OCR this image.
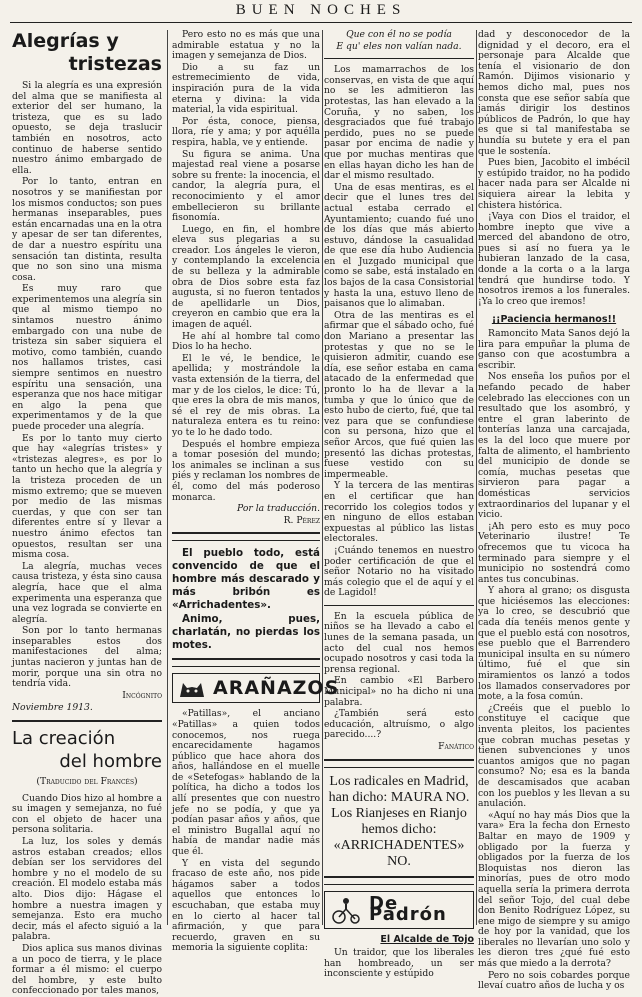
BUEN NOCHES

Alegrías y

tristezas

Si la alegría es una expresión del alma que se manifiesta al exterior del ser humano, la tristeza, que es su lado opuesto, se deja traslucir también en nosotros, acto continuo de haberse sentido nuestro ánimo embargado de ella.

Por lo tanto, entran en nosotros y se manifiestan por los mismos conductos; son pues hermanas inseparables, pues están encarnadas una en la otra y apesar de ser tan diferentes, de dar a nuestro espíritu una sensación tan distinta, resulta que no son sino una misma cosa.

Es muy raro que experimentemos una alegría sin que al mismo tiempo no sintamos nuestro ánimo embargado con una nube de tristeza sin saber siquiera el motivo, como también, cuando nos hallamos tristes, casi siempre sentimos en nuestro espíritu una sensación, una esperanza que nos hace mitigar en algo la pena que experimentamos y de la que puede proceder una alegría.

Es por lo tanto muy cierto que hay «alegrías tristes» y «tristezas alegres», es por lo tanto un hecho que la alegría y la tristeza proceden de un mismo extremo; que se mueven por medio de las mismas cuerdas, y que con ser tan diferentes entre sí y llevar a nuestro ánimo efectos tan opuestos, resultan ser una misma cosa.

La alegría, muchas veces causa tristeza, y ésta sino causa alegría, hace que el alma experimenta una esperanza que una vez lograda se convierte en alegría.

Son por lo tanto hermanas inseparables estos dos manifestaciones del alma; juntas nacieron y juntas han de morir, porque una sin otra no tendría vida.

Incógnito

Noviembre 1913.

La creación

del hombre

(Traducido del Francés)

Cuando Dios hizo al hombre a su imagen y semejanza, no fué con el objeto de hacer una persona solitaria.

La luz, los soles y demás astros estaban creados; ellos debían ser los servidores del hombre y no el modelo de su creación. El modelo estaba más alto. Dios dijo: Hágase el hombre a nuestra imagen y semejanza. Esto era mucho decir, más el afecto siguió a la palabra.

Dios aplica sus manos divinas a un poco de tierra, y le place formar a él mismo: el cuerpo del hombre, y este bulto confeccionado por tales manos,

Pero esto no es más que una admirable estatua y no la imagen y semejanza de Dios.

Dio a su faz un estremecimiento de vida, inspiración pura de la vida eterna y divina: la vida material, la vida espiritual.

Por ésta, conoce, piensa, llora, ríe y ama; y por aquélla respira, habla, ve y entiende.

Su figura se anima. Una majestad real viene a posarse sobre su frente: la inocencia, el candor, la alegría pura, el reconocimiento y el amor embellecieron su brillante fisonomía.

Luego, en fin, el hombre eleva sus plegarias a su creador. Los ángeles le vieron, y contemplando la excelencia de su belleza y la admirable obra de Dios sobre esta faz augusta, si no fueron tentados de apellidarle un Dios, creyeron en cambio que era la imagen de aquél.

He ahí al hombre tal como Dios lo ha hecho.

El le vé, le bendice, le apellida; y mostrándole la vasta extensión de la tierra, del mar y de los cielos, le dice: Tú, que eres la obra de mis manos, sé el rey de mis obras. La naturaleza entera es tu reino: yo te lo he dado todo.

Después el hombre empieza a tomar posesión del mundo; los animales se inclinan a sus piés y reclaman los nombres de él, como del más poderoso monarca.

Por la traducción.

R. Pérez

El pueblo todo, está convencido de que el hombre más descarado y más bribón es «Arrichadentes».

Animo, pues, charlatán, no pierdas los motes.

ARAÑAZOS

«Patillas», el anciano «Patillas» a quien todos conocemos, nos ruega encarecidamente hagamos público que hace ahora dos años, hallándose en el muelle de «Setefogas» hablando de la política, ha dicho a todos los allí presentes que con nuestro jefe no se podía, y que ya podían pasar años y años, que el ministro Bugallal aquí no había de mandar nadie más que él.

Y en vista del segundo fracaso de este año, nos pide hágamos saber a todos aquellos que entonces lo escuchaban, que estaba muy en lo cierto al hacer tal afirmación, y que para recuerdo, graven en su memoria la siguiente coplita:

Que con él no se podía

E qu' eles non valían nada.

Los mamarrachos de los conservas, en vista de que aquí no se les admitieron las protestas, las han elevado a la Coruña, y no saben, los desgraciados que fué trabajo perdido, pues no se puede pasar por encima de nadie y que por muchas mentiras que en ellas hayan dicho les han de dar el mismo resultado.

Una de esas mentiras, es el decir que el lunes tres del actual estaba cerrado el Ayuntamiento; cuando fué uno de los días que más abierto estuvo, dándose la casualidad de que ese día hubo Audiencia en el Juzgado municipal que como se sabe, está instalado en los bajos de la casa Consistorial y hasta la una, estuvo lleno de paisanos que lo alimaban.

Otra de las mentiras es el afirmar que el sábado ocho, fué don Mariano a presentar las protestas y que no se le quisieron admitir, cuando ese día, ese señor estaba en cama atacado de la enfermedad que pronto lo ha de llevar a la tumba y que lo único que de esto hubo de cierto, fué, que tal vez para que se confundiese con su persona, hizo que el señor Arcos, que fué quien las presentó las dichas protestas, fuese vestido con su impermeable.

Y la tercera de las mentiras en el certificar que han recorrido los colegios todos y en ninguno de ellos estaban expuestas al público las listas electorales.

¡Cuándo tenemos en nuestro poder certificación de que el señor Notario no ha visitado más colegio que el de aquí y el de Lagidol!

En la escuela pública de niños se ha llevado a cabo el lunes de la semana pasada, un acto del cual nos hemos ocupado nosotros y casi toda la prensa regional.

En cambio «El Barbero Municipal» no ha dicho ni una palabra.

¿También será esto educación, altruísmo, o algo parecido....?

Fanático

Los radicales en Madrid, han dicho: MAURA NO. Los Rianjeses en Rianjo hemos dicho: «ARRICHADENTES» NO.

De Padrón

El Alcalde de Tojo

Un traidor, que los liberales han hombreado, un ser inconsciente y estúpido

dad y desconocedor de la dignidad y el decoro, era el personaje para Alcalde que tenía el visionario de don Ramón. Dijimos visionario y hemos dicho mal, pues nos consta que ese señor sabía que jamás dirigir los destinos públicos de Padrón, lo que hay es que si tal manifestaba se hundía su butete y era el pan que le sostenía.

Pues bien, Jacobito el imbécil y estúpido traidor, no ha podido hacer nada para ser Alcalde ni siquiera airear la lebita y chistera histórica.

¡Vaya con Dios el traidor, el hombre inepto que vive a merced del abandono de otro, pues si así no fuera ya le hubieran lanzado de la casa, donde a la corta o a la larga tendrá que hundirse todo. Y nosotros iremos a los funerales. ¡Ya lo creo que iremos!

¡¡Paciencia hermanos!!

Ramoncito Mata Sanos dejó la lira para empuñar la pluma de ganso con que acostumbra a escribir.

Nos enseña los puños por el nefando pecado de haber celebrado las elecciones con un resultado que los asombró, y entre el gran laberinto de tonterías lanza una carcajada, es la del loco que muere por falta de alimento, el hambriento del municipio de donde se comía, muchas pesetas que sirvieron para pagar a domésticas servicios extraordinarios del lupanar y el vicio.

¡Ah pero esto es muy poco Veterinario ilustre! Te ofrecemos que tu vicoca ha terminado para siempre y el municipio no sostendrá como antes tus concubinas.

Y ahora al grano; os disgusta que hiciésemos las elecciones: ya lo creo, se descubrió que cada día tenéis menos gente y que el pueblo está con nosotros, ese pueblo que el Barrendero municipal insulta en su número último, fué el que sin miramientos os lanzó a todos los llamados conservadores por mote, a la fosa común.

¿Creéis que el pueblo lo constituye el cacique que inventa pleitos, los pacientes que cobran muchas pesetas y tienen subvenciones y unos cuantos amigos que no pagan consumo? No; esa es la banda de descamisados que acaban con los pueblos y les llevan a su anulación.

«Aquí no hay más Dios que la vara» Era la fecha don Ernesto Baltar en mayo de 1909 y obligado por la fuerza y obligados por la fuerza de los Bloquistas nos dieron las minorías, pues de otro modo aquella sería la primera derrota del señor Tojo, del cual debe don Benito Rodríguez López, su ene migo de siempre y su amigo de hoy por la vanidad, que los liberales no llevarían uno solo y les dieron tres ¿qué fué esto más que miedo a la derrota?

Pero no sois cobardes porque llevaí cuatro años de lucha y os
